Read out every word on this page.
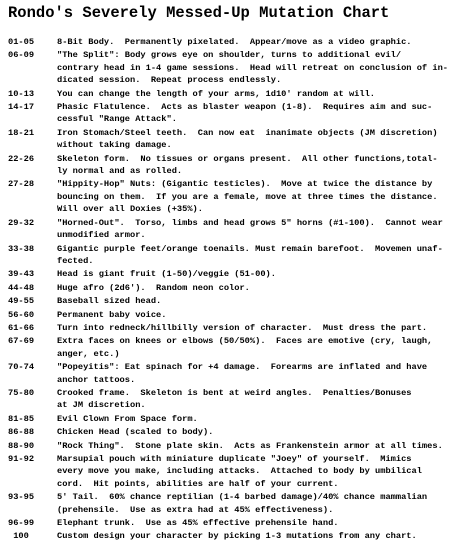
Rondo's Severely Messed-Up Mutation Chart
01-05	8-Bit Body.  Permanently pixelated.  Appear/move as a video graphic.
06-09	"The Split": Body grows eye on shoulder, turns to additional evil/
contrary head in 1-4 game sessions.  Head will retreat on conclusion of in-
dicated session.  Repeat process endlessly.
10-13	You can change the length of your arms, 1d10' random at will.
14-17	Phasic Flatulence.  Acts as blaster weapon (1-8).  Requires aim and suc-
cessful "Range Attack".
18-21	Iron Stomach/Steel teeth.  Can now eat  inanimate objects (JM discretion)
without taking damage.
22-26	Skeleton form.  No tissues or organs present.  All other functions,total-
ly normal and as rolled.
27-28	"Hippity-Hop" Nuts: (Gigantic testicles).  Move at twice the distance by
bouncing on them.  If you are a female, move at three times the distance.
Will over all Doxies (+35%).
29-32	"Horned-Out".  Torso, limbs and head grows 5" horns (#1-100).  Cannot wear
unmodified armor.
33-38	Gigantic purple feet/orange toenails. Must remain barefoot.  Movemen unaf-
fected.
39-43	Head is giant fruit (1-50)/veggie (51-00).
44-48	Huge afro (2d6').  Random neon color.
49-55	Baseball sized head.
56-60	Permanent baby voice.
61-66	Turn into redneck/hillbilly version of character.  Must dress the part.
67-69	Extra faces on knees or elbows (50/50%).  Faces are emotive (cry, laugh,
anger, etc.)
70-74	"Popeyitis": Eat spinach for +4 damage.  Forearms are inflated and have
anchor tattoos.
75-80	Crooked frame.  Skeleton is bent at weird angles.  Penalties/Bonuses
at JM discretion.
81-85	Evil Clown From Space form.
86-88	Chicken Head (scaled to body).
88-90	"Rock Thing".  Stone plate skin.  Acts as Frankenstein armor at all times.
91-92	Marsupial pouch with miniature duplicate "Joey" of yourself.  Mimics
every move you make, including attacks.  Attached to body by umbilical
cord.  Hit points, abilities are half of your current.
93-95	5' Tail.  60% chance reptilian (1-4 barbed damage)/40% chance mammalian
(prehensile.  Use as extra had at 45% effectiveness).
96-99	Elephant trunk.  Use as 45% effective prehensile hand.
100	Custom design your character by picking 1-3 mutations from any chart.
